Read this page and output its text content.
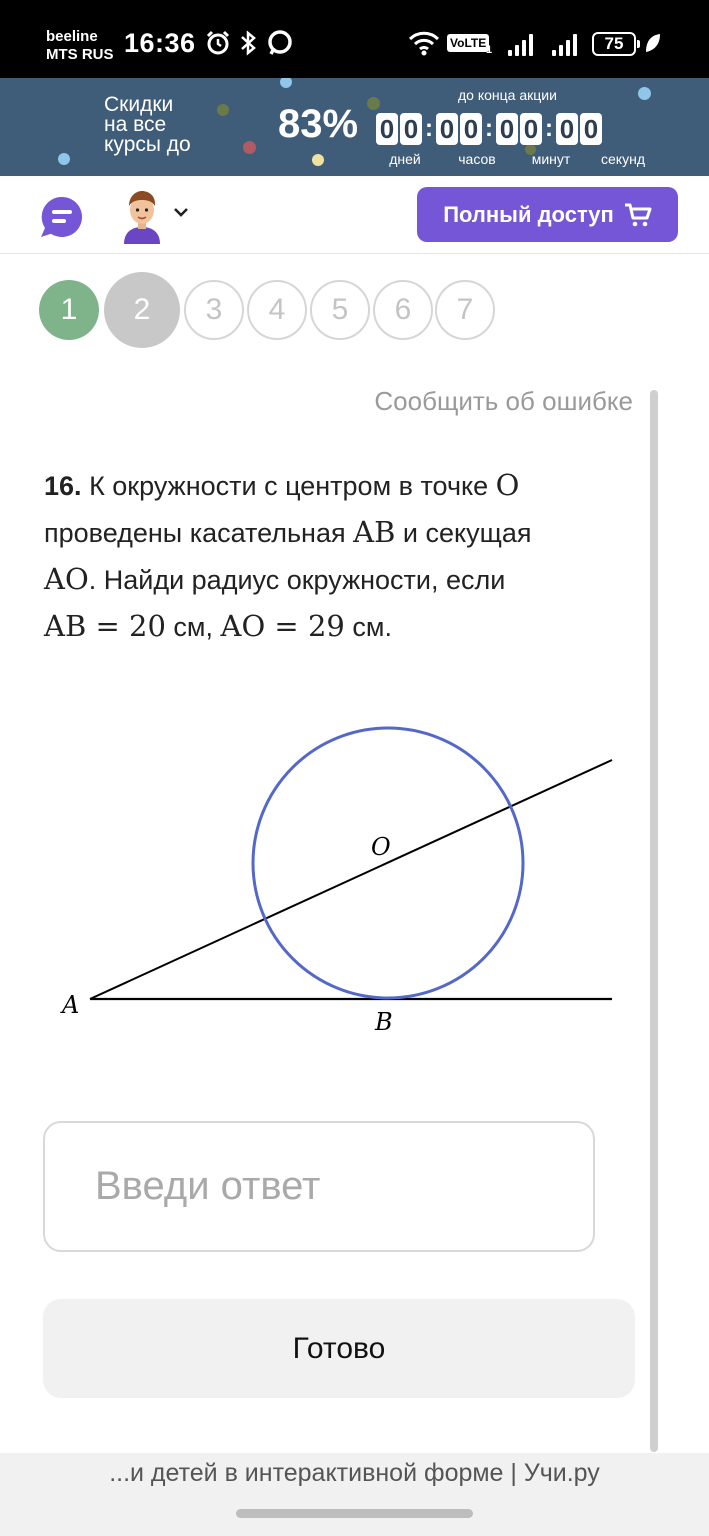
beeline
MTS RUS 16:36	VoLTE 1	75
Скидки
на все
курсы до 83%
до конца акции
0 0 : 0 0 : 0 0 : 0 0
дней	часов	минут	секунд
Полный доступ
1	2	3	4	5	6	7
Сообщить об ошибке
16. К окружности с центром в точке O
проведены касательная AB и секущая
AO. Найди радиус окружности, если
AB = 20 см, AO = 29 см.
O
A
B
Введи ответ
Готово
...и детей в интерактивной форме | Учи.ру
